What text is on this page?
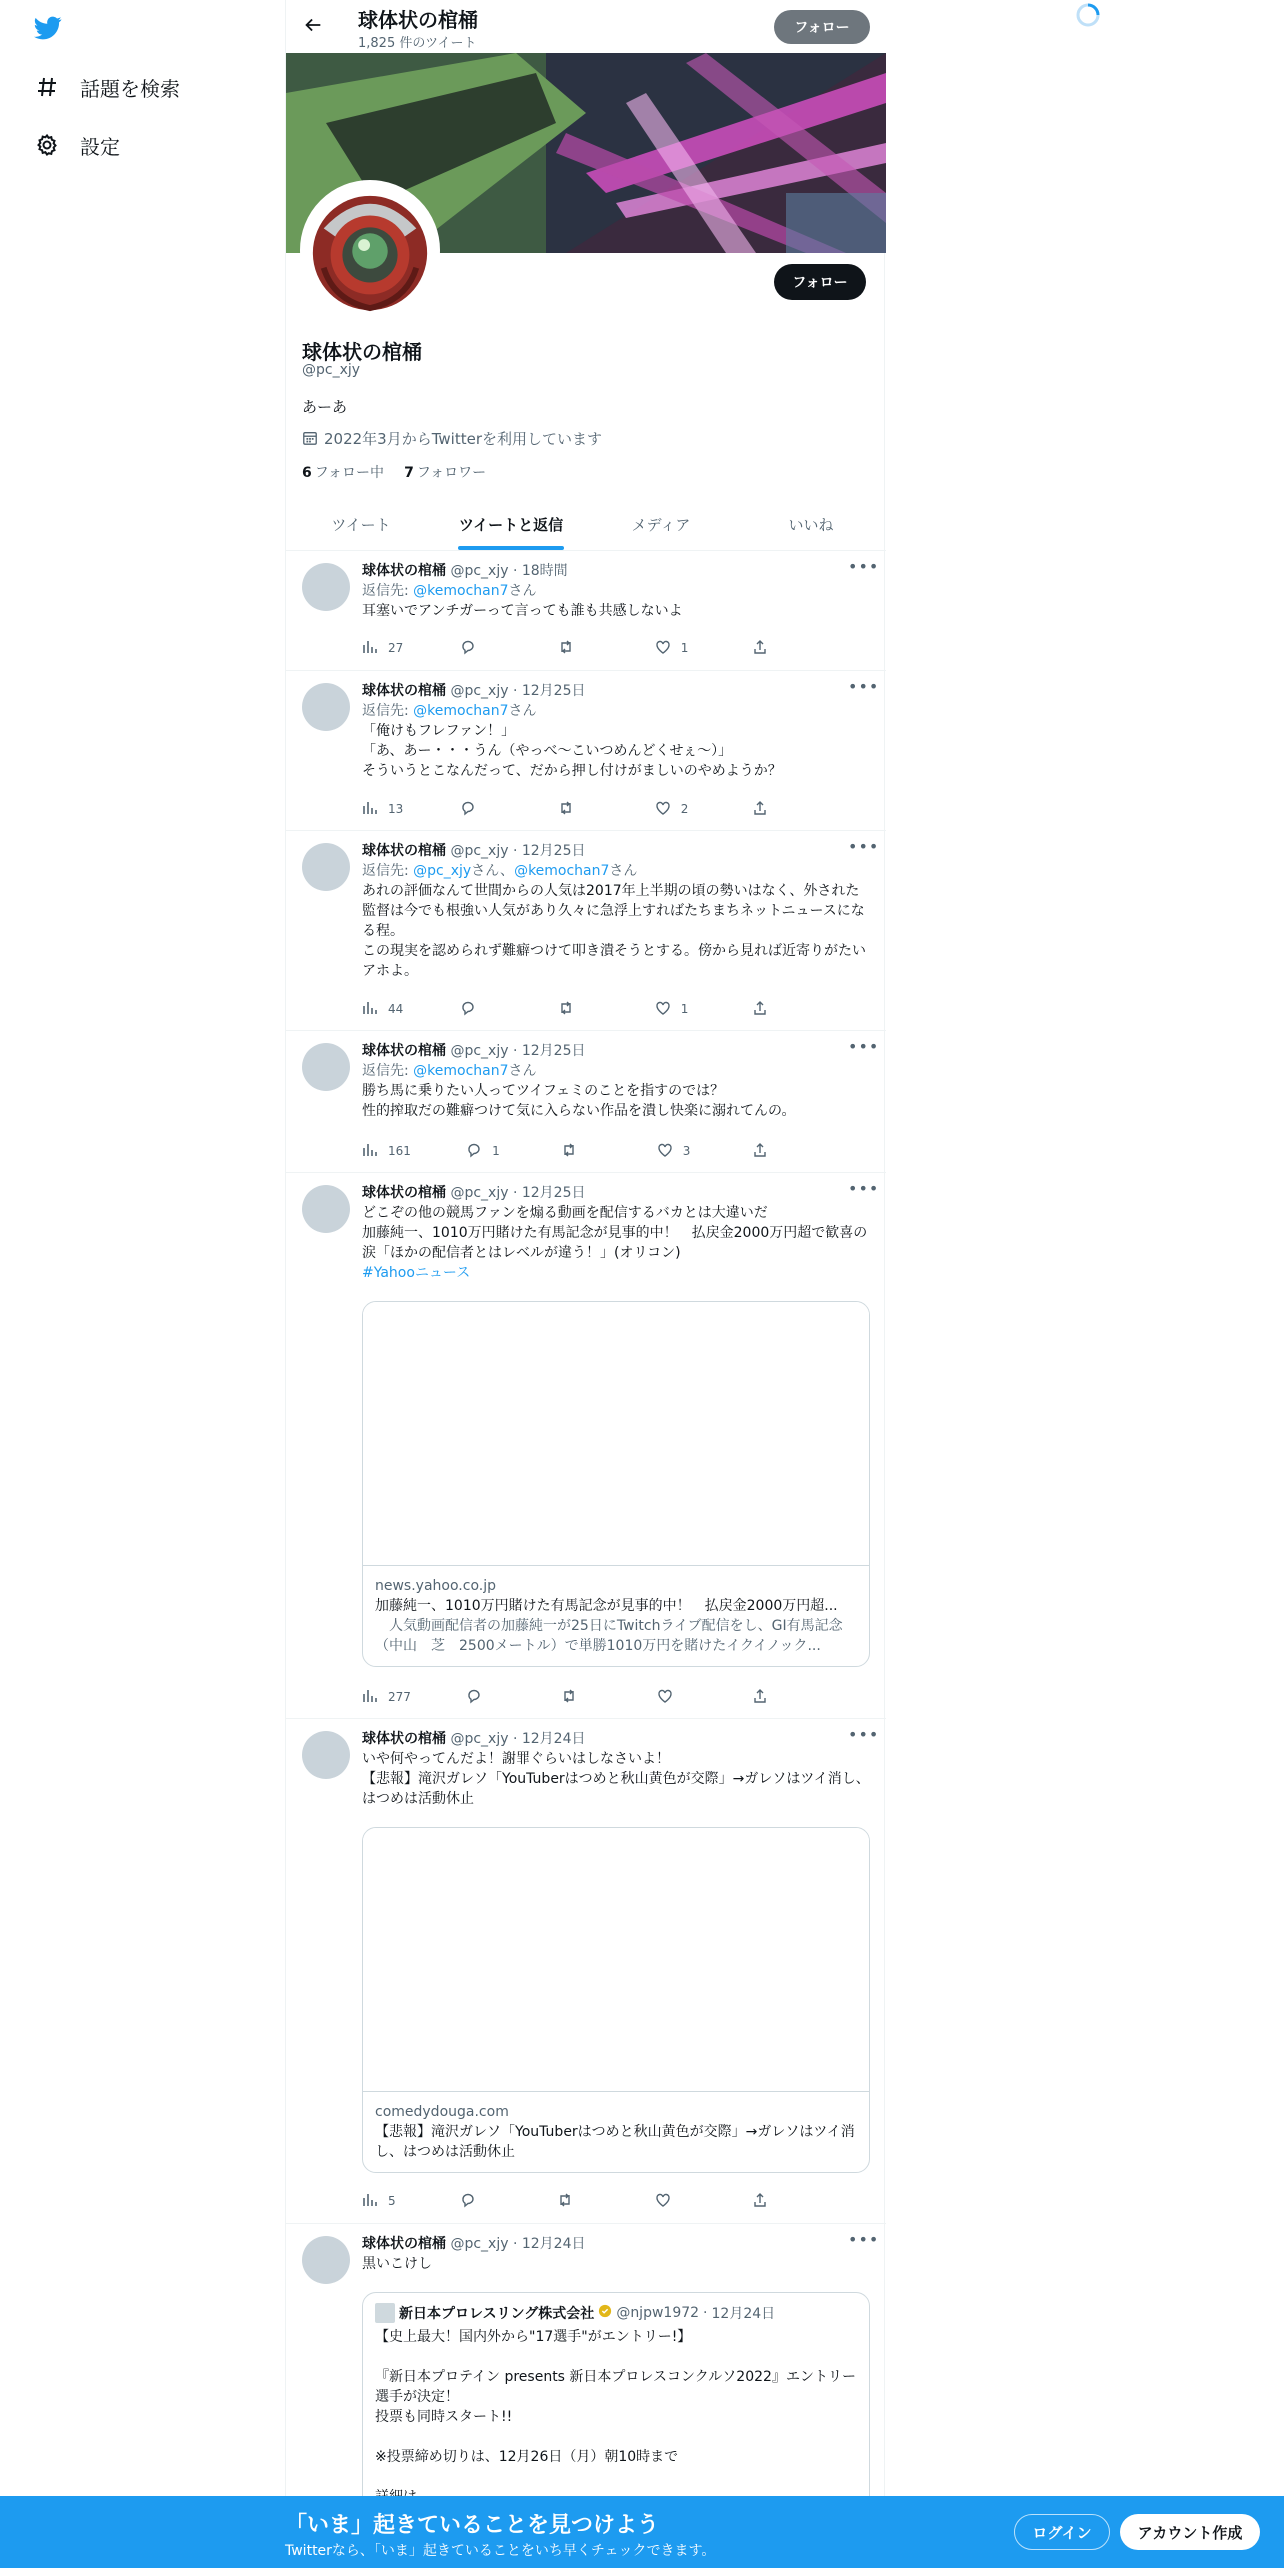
話題を検索
設定
球体状の棺桶
1,825 件のツイート
フォロー
フォロー
球体状の棺桶
@pc_xjy
あーあ
2022年3月からTwitterを利用しています
6 フォロー中 7 フォロワー
ツイート	ツイートと返信	メディア	いいね
•••
球体状の棺桶 @pc_xjy · 18時間
返信先: @kemochan7さん
耳塞いでアンチガーって言っても誰も共感しないよ
27	1
•••
球体状の棺桶 @pc_xjy · 12月25日
返信先: @kemochan7さん
「俺けもフレファン！」
「あ、あー・・・うん（やっべ～こいつめんどくせぇ～）」
そういうとこなんだって、だから押し付けがましいのやめようか？
13	2
•••
球体状の棺桶 @pc_xjy · 12月25日
返信先: @pc_xjyさん、@kemochan7さん
あれの評価なんて世間からの人気は2017年上半期の頃の勢いはなく、外された監督は今でも根強い人気があり久々に急浮上すればたちまちネットニュースになる程。
この現実を認められず難癖つけて叩き潰そうとする。傍から見れば近寄りがたいアホよ。
44	1
•••
球体状の棺桶 @pc_xjy · 12月25日
返信先: @kemochan7さん
勝ち馬に乗りたい人ってツイフェミのことを指すのでは？
性的搾取だの難癖つけて気に入らない作品を潰し快楽に溺れてんの。
161	1	3
•••
球体状の棺桶 @pc_xjy · 12月25日
どこぞの他の競馬ファンを煽る動画を配信するバカとは大違いだ
加藤純一、1010万円賭けた有馬記念が見事的中！　払戻金2000万円超で歓喜の涙「ほかの配信者とはレベルが違う！」(オリコン)
#Yahooニュース
news.yahoo.co.jp
加藤純一、1010万円賭けた有馬記念が見事的中！　払戻金2000万円超...
　人気動画配信者の加藤純一が25日にTwitchライブ配信をし、GI有馬記念（中山　芝　2500メートル）で単勝1010万円を賭けたイクイノック...
277
•••
球体状の棺桶 @pc_xjy · 12月24日
いや何やってんだよ！謝罪ぐらいはしなさいよ！
【悲報】滝沢ガレソ「YouTuberはつめと秋山黄色が交際」→ガレソはツイ消し、はつめは活動休止
comedydouga.com
【悲報】滝沢ガレソ「YouTuberはつめと秋山黄色が交際」→ガレソはツイ消し、はつめは活動休止
5
•••
球体状の棺桶 @pc_xjy · 12月24日
黒いこけし
新日本プロレスリング株式会社 @njpw1972 · 12月24日
【史上最大！国内外から"17選手"がエントリー!】

『新日本プロテイン presents 新日本プロレスコンクルソ2022』エントリー選手が決定！
投票も同時スタート!!

※投票締め切りは、12月26日（月）朝10時まで

「いま」起きていることを見つけよう
Twitterなら、「いま」起きていることをいち早くチェックできます。
ログイン	アカウント作成
